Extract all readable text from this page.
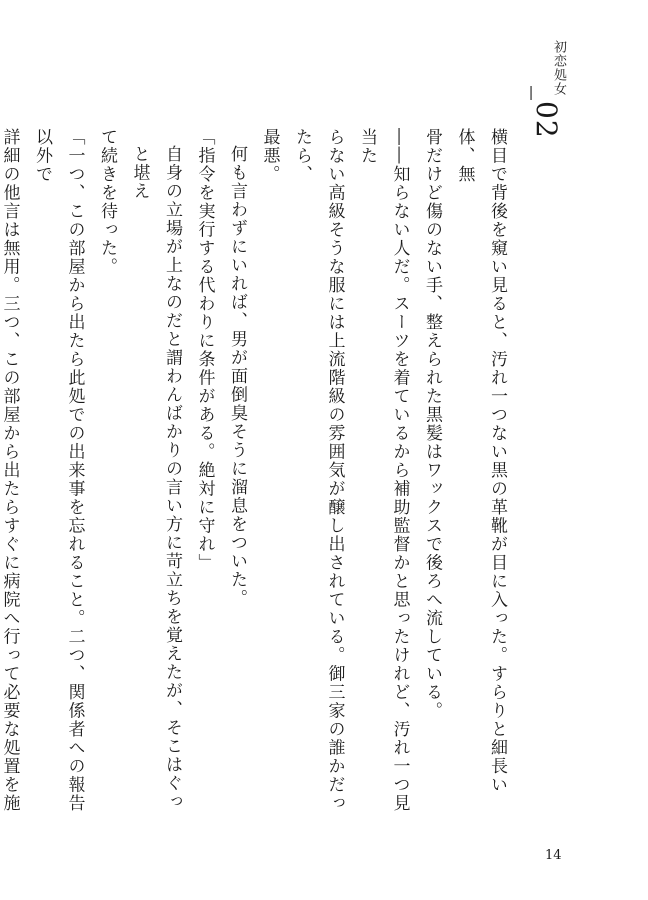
初恋処女
_02

横目で背後を窺い見ると、汚れ一つない黒の革靴が目に入った。すらりと細長い体、無

骨だけど傷のない手、整えられた黒髪はワックスで後ろへ流している。

――知らない人だ。スーツを着ているから補助監督かと思ったけれど、汚れ一つ見当た

らない高級そうな服には上流階級の雰囲気が醸し出されている。御三家の誰かだったら、

最悪。

何も言わずにいれば、男が面倒臭そうに溜息をついた。

「指令を実行する代わりに条件がある。絶対に守れ」

自身の立場が上なのだと謂わんばかりの言い方に苛立ちを覚えたが、そこはぐっと堪え

て続きを待った。

「一つ、この部屋から出たら此処での出来事を忘れること。二つ、関係者への報告以外で

詳細の他言は無用。三つ、この部屋から出たらすぐに病院へ行って必要な処置を施

14
